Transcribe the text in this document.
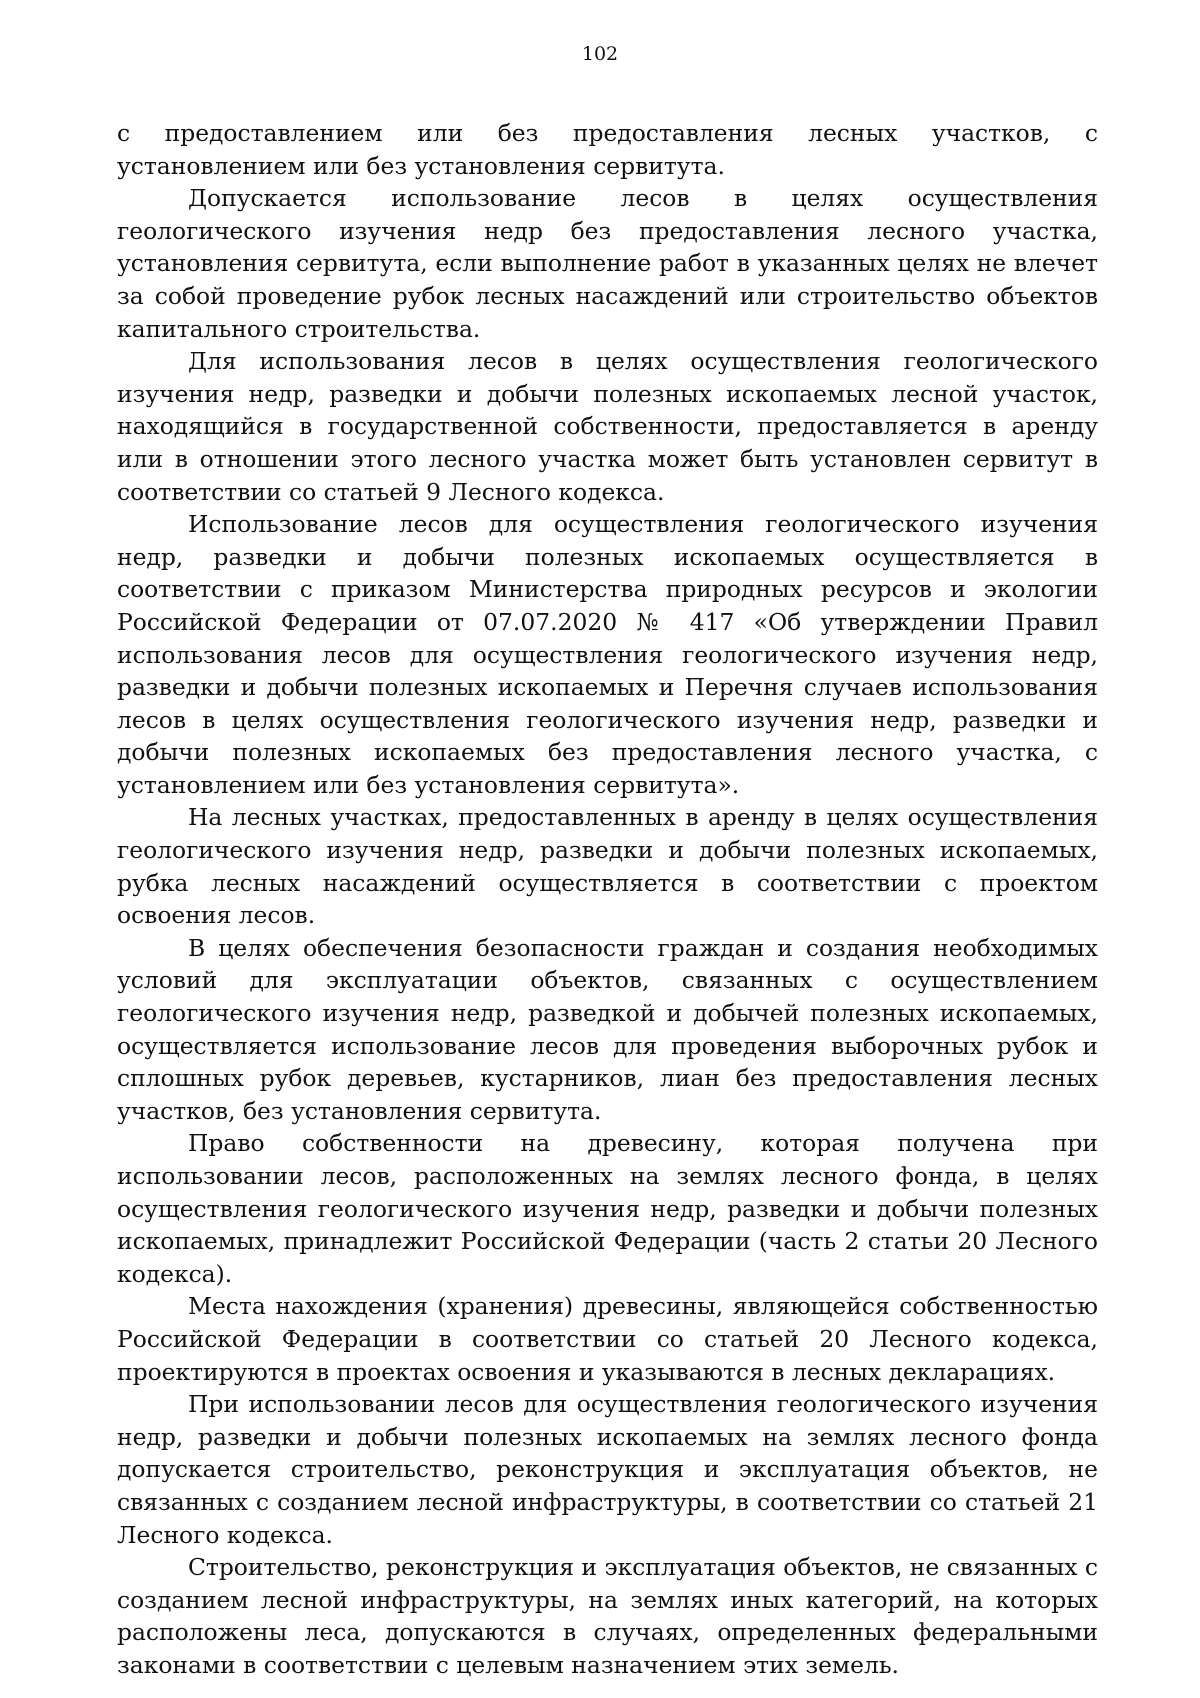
102

с предоставлением или без предоставления лесных участков, с установлением или без установления сервитута.

Допускается использование лесов в целях осуществления геологического изучения недр без предоставления лесного участка, установления сервитута, если выполнение работ в указанных целях не влечет за собой проведение рубок лесных насаждений или строительство объектов капитального строительства.

Для использования лесов в целях осуществления геологического изучения недр, разведки и добычи полезных ископаемых лесной участок, находящийся в государственной собственности, предоставляется в аренду или в отношении этого лесного участка может быть установлен сервитут в соответствии со статьей 9 Лесного кодекса.

Использование лесов для осуществления геологического изучения недр, разведки и добычи полезных ископаемых осуществляется в соответствии с приказом Министерства природных ресурсов и экологии Российской Федерации от 07.07.2020 № 417 «Об утверждении Правил использования лесов для осуществления геологического изучения недр, разведки и добычи полезных ископаемых и Перечня случаев использования лесов в целях осуществления геологического изучения недр, разведки и добычи полезных ископаемых без предоставления лесного участка, с установлением или без установления сервитута».

На лесных участках, предоставленных в аренду в целях осуществления геологического изучения недр, разведки и добычи полезных ископаемых, рубка лесных насаждений осуществляется в соответствии с проектом освоения лесов.

В целях обеспечения безопасности граждан и создания необходимых условий для эксплуатации объектов, связанных с осуществлением геологического изучения недр, разведкой и добычей полезных ископаемых, осуществляется использование лесов для проведения выборочных рубок и сплошных рубок деревьев, кустарников, лиан без предоставления лесных участков, без установления сервитута.

Право собственности на древесину, которая получена при использовании лесов, расположенных на землях лесного фонда, в целях осуществления геологического изучения недр, разведки и добычи полезных ископаемых, принадлежит Российской Федерации (часть 2 статьи 20 Лесного кодекса).

Места нахождения (хранения) древесины, являющейся собственностью Российской Федерации в соответствии со статьей 20 Лесного кодекса, проектируются в проектах освоения и указываются в лесных декларациях.

При использовании лесов для осуществления геологического изучения недр, разведки и добычи полезных ископаемых на землях лесного фонда допускается строительство, реконструкция и эксплуатация объектов, не связанных с созданием лесной инфраструктуры, в соответствии со статьей 21 Лесного кодекса.

Строительство, реконструкция и эксплуатация объектов, не связанных с созданием лесной инфраструктуры, на землях иных категорий, на которых расположены леса, допускаются в случаях, определенных федеральными законами в соответствии с целевым назначением этих земель.
